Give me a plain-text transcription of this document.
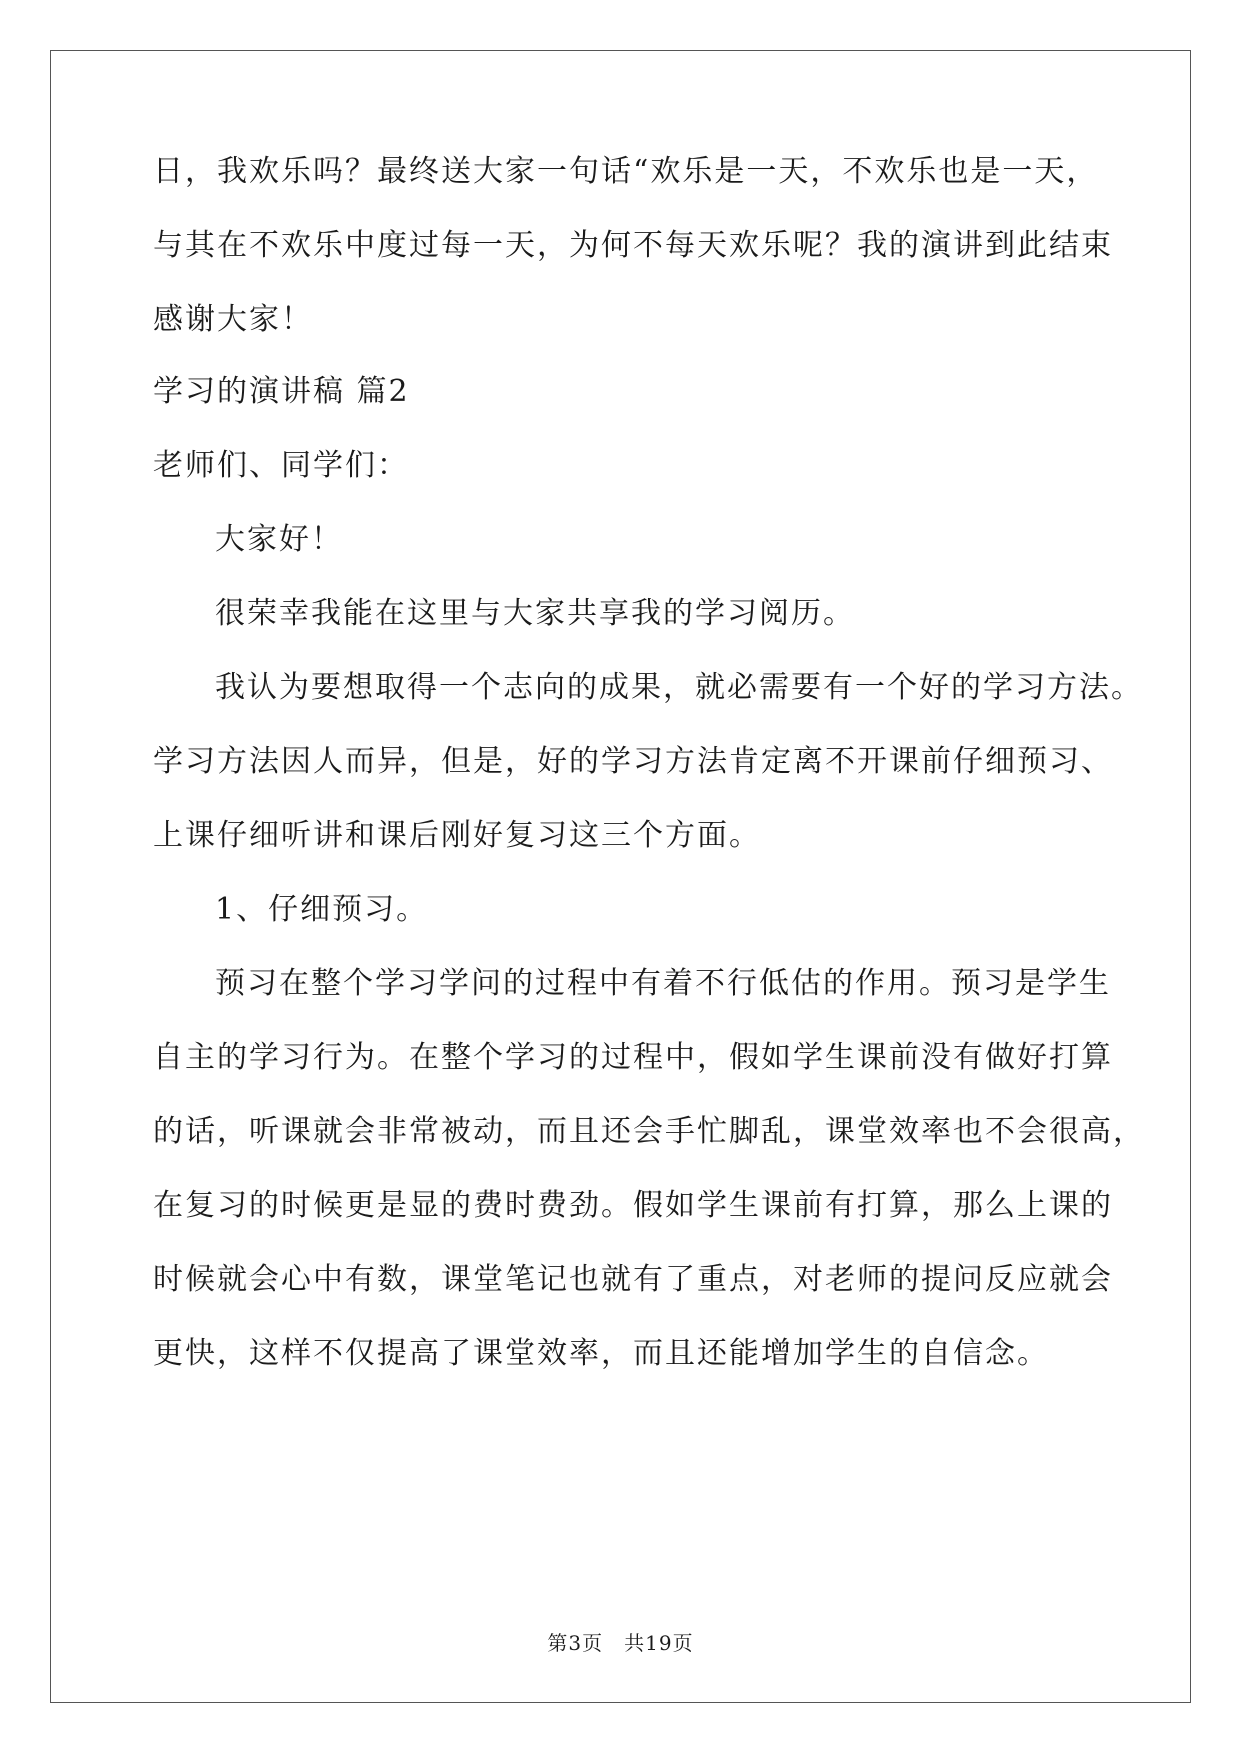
日，我欢乐吗？最终送大家一句话“欢乐是一天，不欢乐也是一天，
与其在不欢乐中度过每一天，为何不每天欢乐呢？我的演讲到此结束
感谢大家！
学习的演讲稿 篇2
老师们、同学们：
大家好！
很荣幸我能在这里与大家共享我的学习阅历。
我认为要想取得一个志向的成果，就必需要有一个好的学习方法。
学习方法因人而异，但是，好的学习方法肯定离不开课前仔细预习、
上课仔细听讲和课后刚好复习这三个方面。
1、仔细预习。
预习在整个学习学问的过程中有着不行低估的作用。预习是学生
自主的学习行为。在整个学习的过程中，假如学生课前没有做好打算
的话，听课就会非常被动，而且还会手忙脚乱，课堂效率也不会很高，
在复习的时候更是显的费时费劲。假如学生课前有打算，那么上课的
时候就会心中有数，课堂笔记也就有了重点，对老师的提问反应就会
更快，这样不仅提高了课堂效率，而且还能增加学生的自信念。
第3页　共19页
